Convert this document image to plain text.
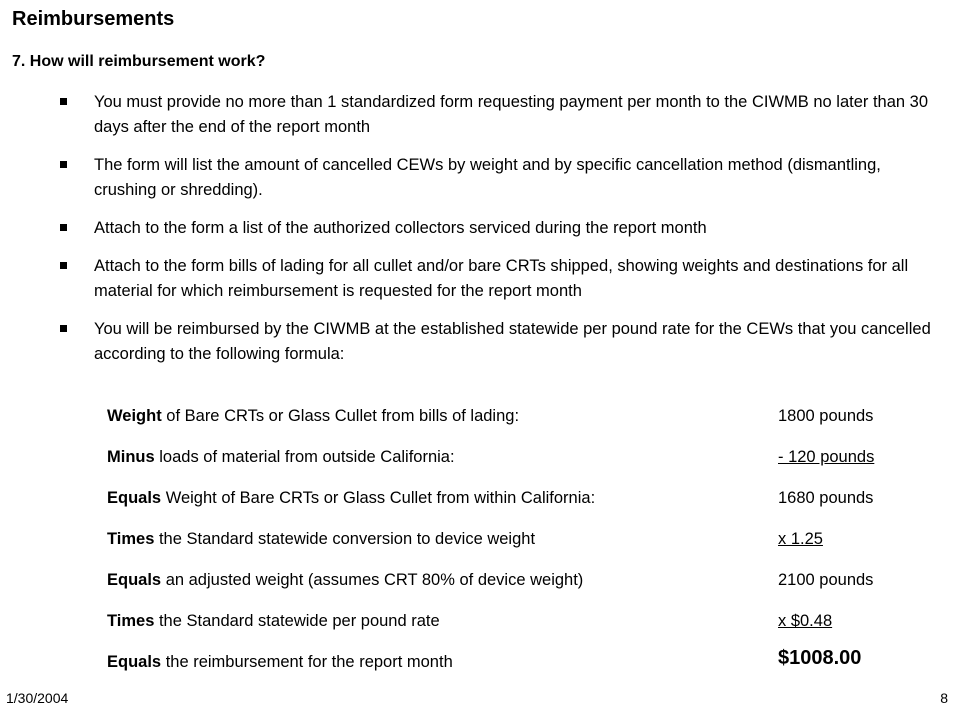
Reimbursements
7. How will reimbursement work?
You must provide no more than 1 standardized form requesting payment per month to the CIWMB no later than 30 days after the end of the report month
The form will list the amount of cancelled CEWs by weight and by specific cancellation method (dismantling, crushing or shredding).
Attach to the form a list of the authorized collectors serviced during the report month
Attach to the form bills of lading for all cullet and/or bare CRTs shipped, showing weights and destinations for all material for which reimbursement is requested for the report month
You will be reimbursed by the CIWMB at the established statewide per pound rate for the CEWs that you cancelled according to the following formula:
Weight of Bare CRTs or Glass Cullet from bills of lading:	1800 pounds
Minus loads of material from outside California:	- 120 pounds
Equals Weight of Bare CRTs or Glass Cullet from within California:	1680 pounds
Times the Standard statewide conversion to device weight	x 1.25
Equals an adjusted weight (assumes CRT 80% of device weight)	2100 pounds
Times the Standard statewide per pound rate	x $0.48
Equals the reimbursement for the report month	$1008.00
1/30/2004	8
